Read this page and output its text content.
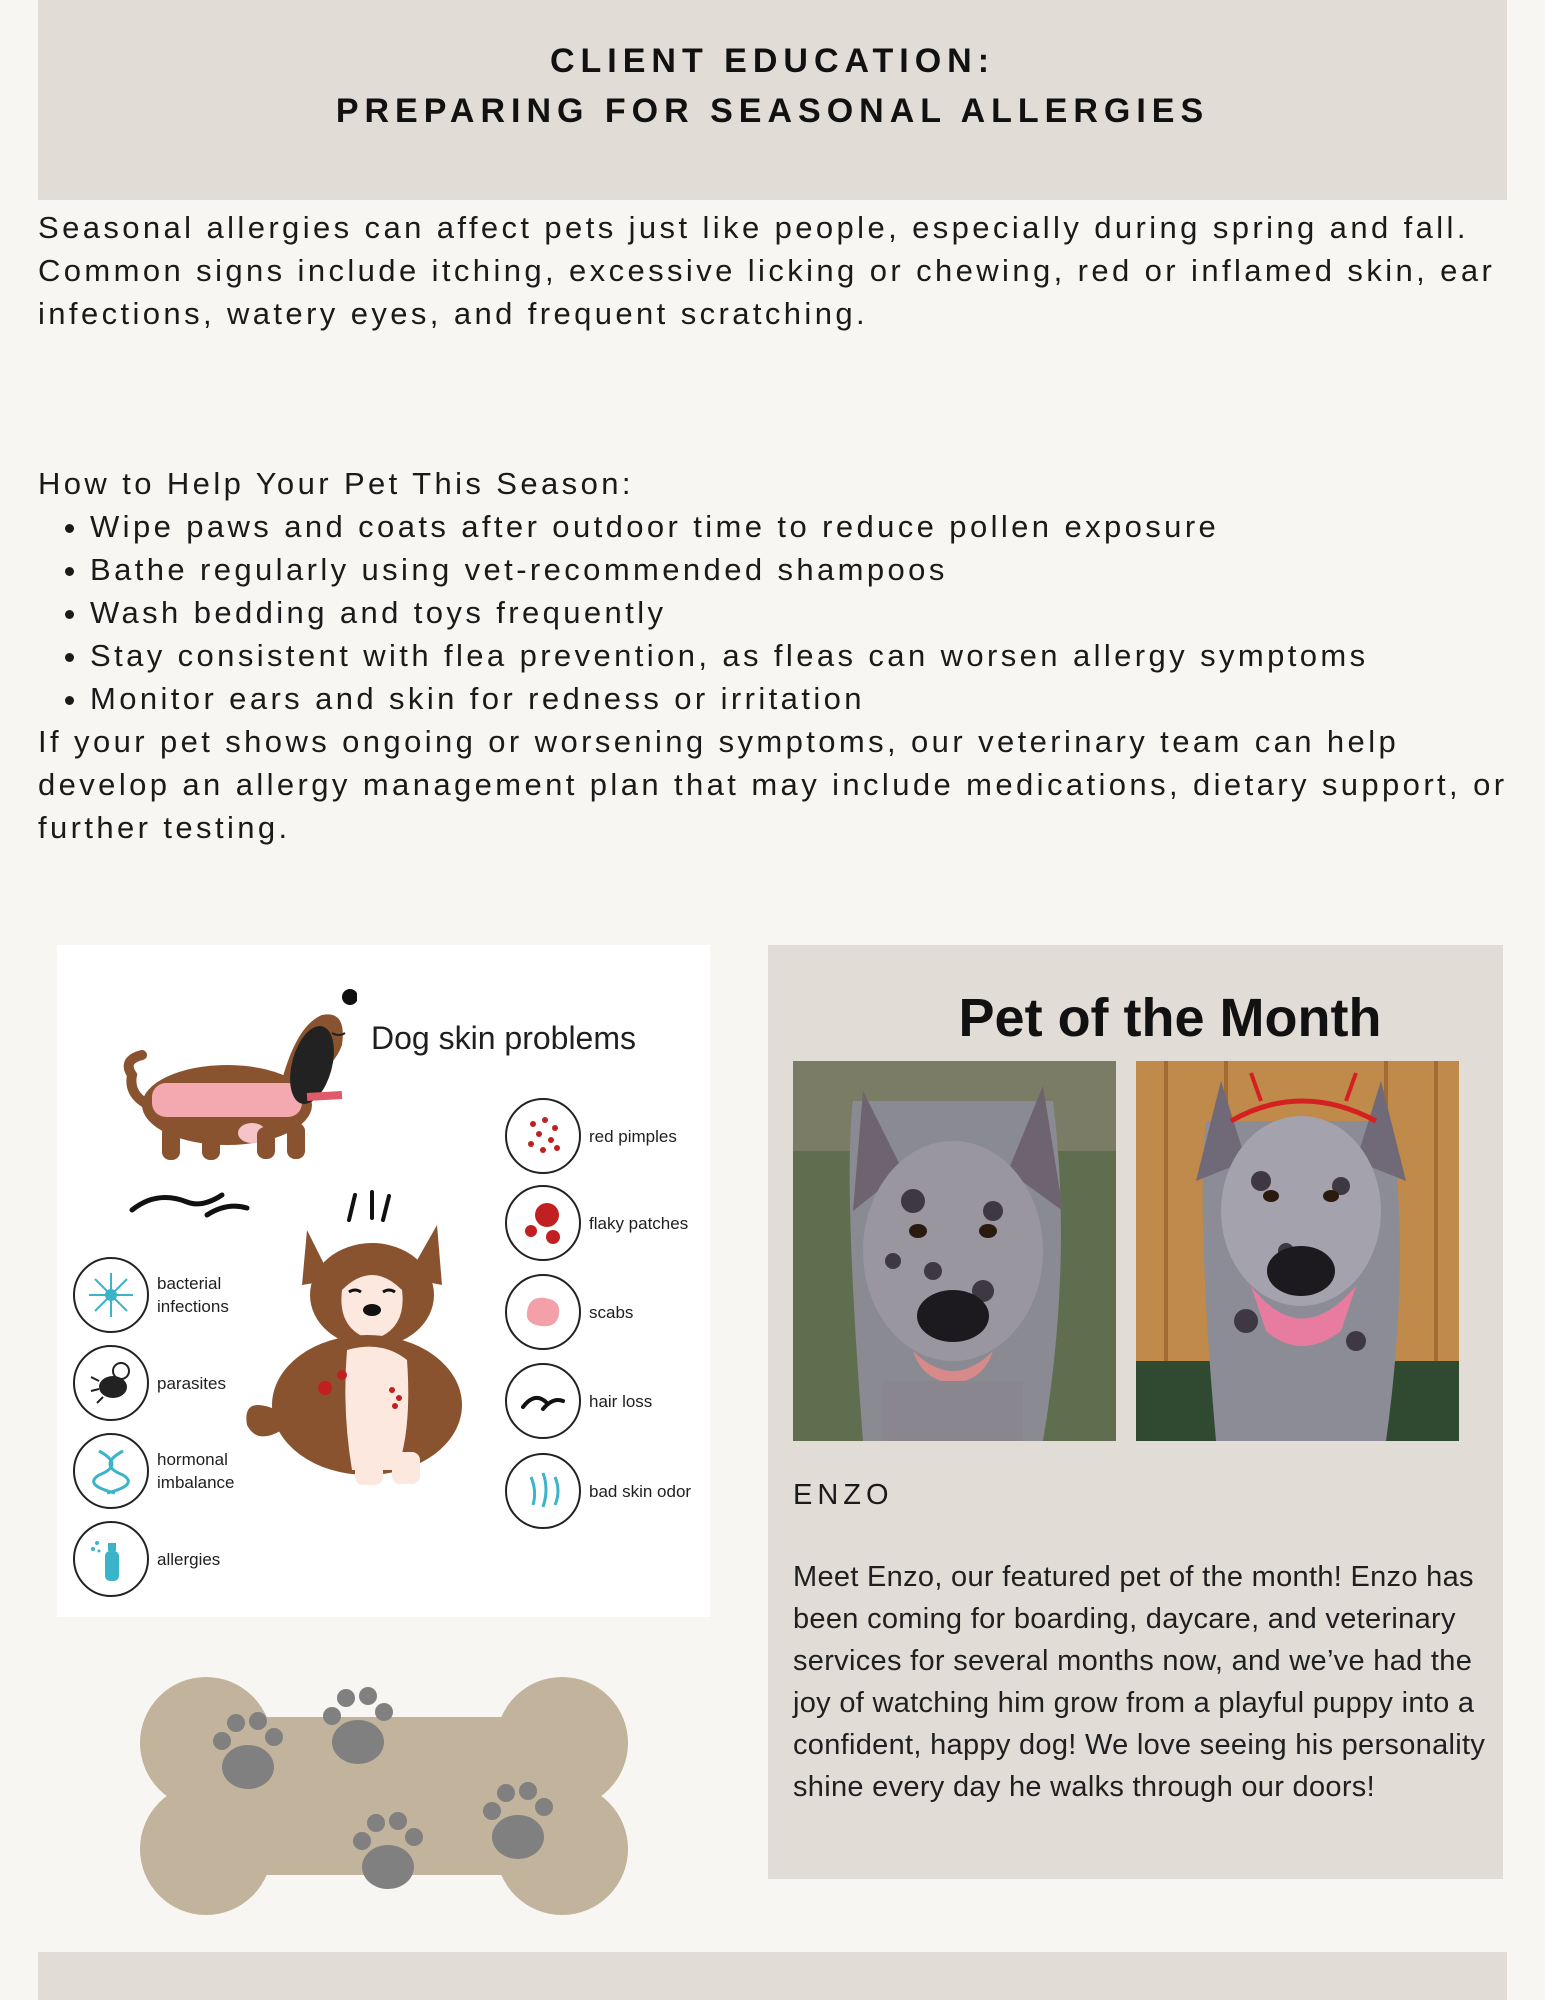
CLIENT EDUCATION:
PREPARING FOR SEASONAL ALLERGIES

Seasonal allergies can affect pets just like people, especially during spring and fall. Common signs include itching, excessive licking or chewing, red or inflamed skin, ear infections, watery eyes, and frequent scratching.

How to Help Your Pet This Season:

• Wipe paws and coats after outdoor time to reduce pollen exposure
• Bathe regularly using vet-recommended shampoos
• Wash bedding and toys frequently
• Stay consistent with flea prevention, as fleas can worsen allergy symptoms
• Monitor ears and skin for redness or irritation

If your pet shows ongoing or worsening symptoms, our veterinary team can help develop an allergy management plan that may include medications, dietary support, or further testing.

Dog skin problems
bacterial infections
parasites
hormonal imbalance
allergies
red pimples
flaky patches
scabs
hair loss
bad skin odor
Pet of the Month
ENZO

Meet Enzo, our featured pet of the month! Enzo has been coming for boarding, daycare, and veterinary services for several months now, and we’ve had the joy of watching him grow from a playful puppy into a confident, happy dog! We love seeing his personality shine every day he walks through our doors!
